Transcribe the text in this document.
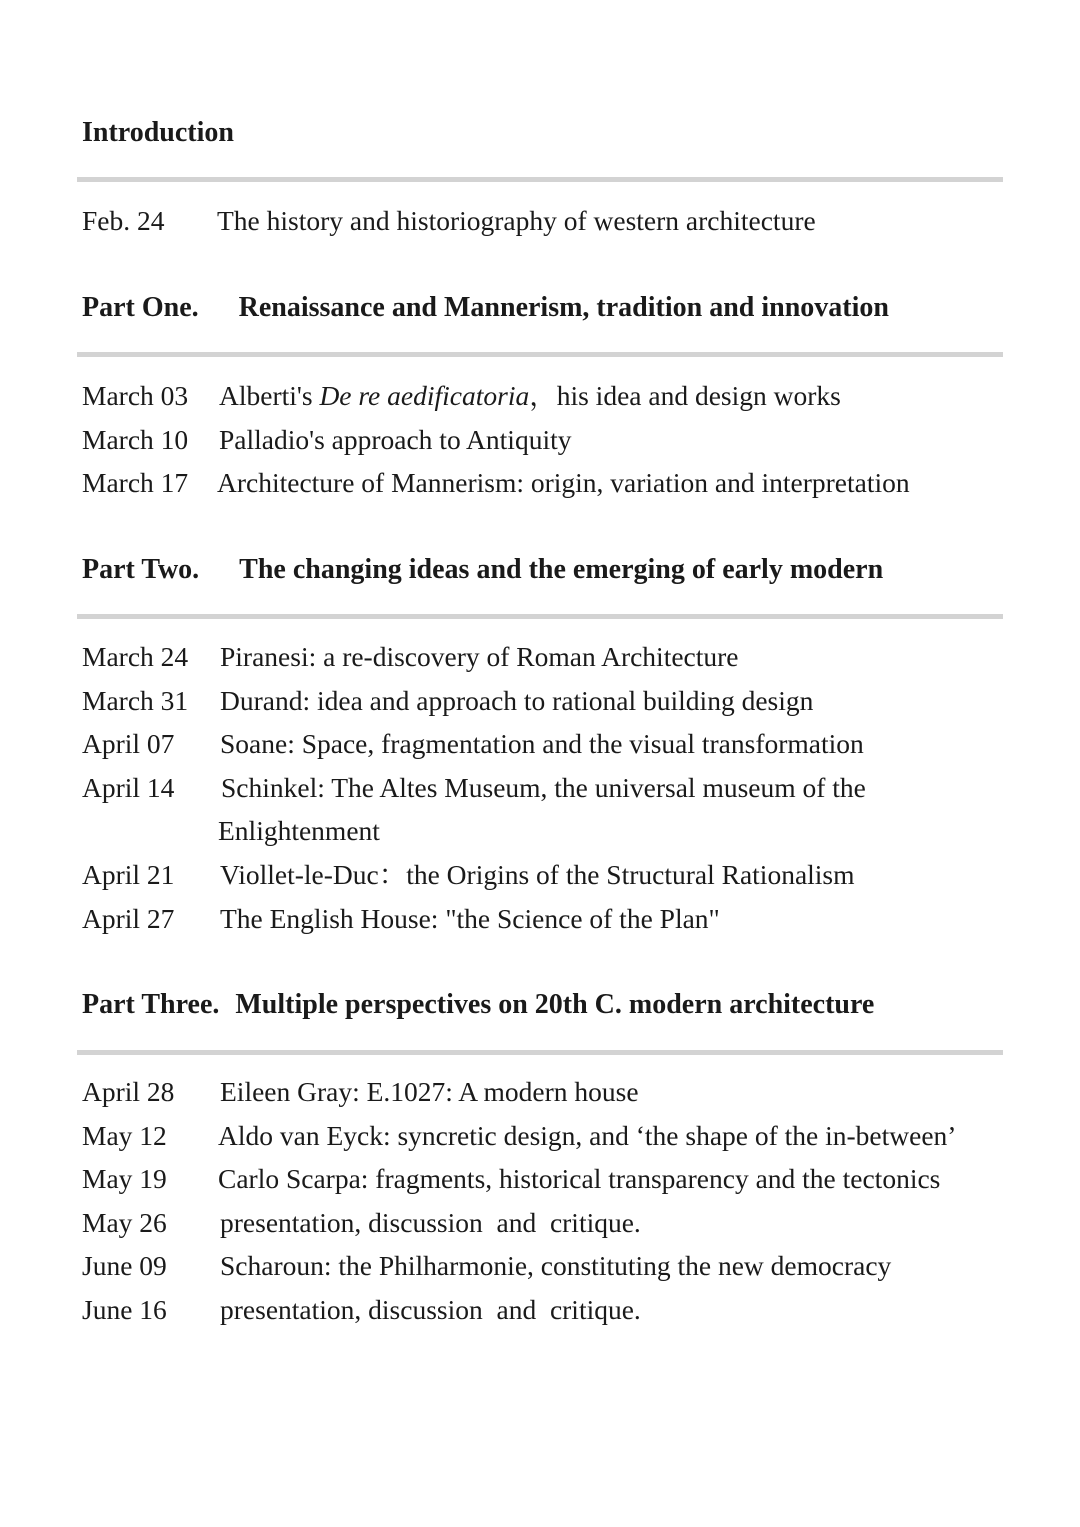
Introduction
Feb. 24	The history and historiography of western architecture
Part One. Renaissance and Mannerism, tradition and innovation
March 03	Alberti's De re aedificatoria，his idea and design works
March 10	Palladio's approach to Antiquity
March 17	Architecture of Mannerism: origin, variation and interpretation
Part Two. The changing ideas and the emerging of early modern
March 24	Piranesi: a re-discovery of Roman Architecture
March 31	Durand: idea and approach to rational building design
April 07	Soane: Space, fragmentation and the visual transformation
April 14	Schinkel: The Altes Museum, the universal museum of the Enlightenment
April 21	Viollet-le-Duc：the Origins of the Structural Rationalism
April 27	The English House: "the Science of the Plan"
Part Three. Multiple perspectives on 20th C. modern architecture
April 28	Eileen Gray: E.1027: A modern house
May 12	Aldo van Eyck: syncretic design, and ‘the shape of the in-between’
May 19	Carlo Scarpa: fragments, historical transparency and the tectonics
May 26	presentation, discussion  and  critique.
June 09	Scharoun: the Philharmonie, constituting the new democracy
June 16	presentation, discussion  and  critique.
